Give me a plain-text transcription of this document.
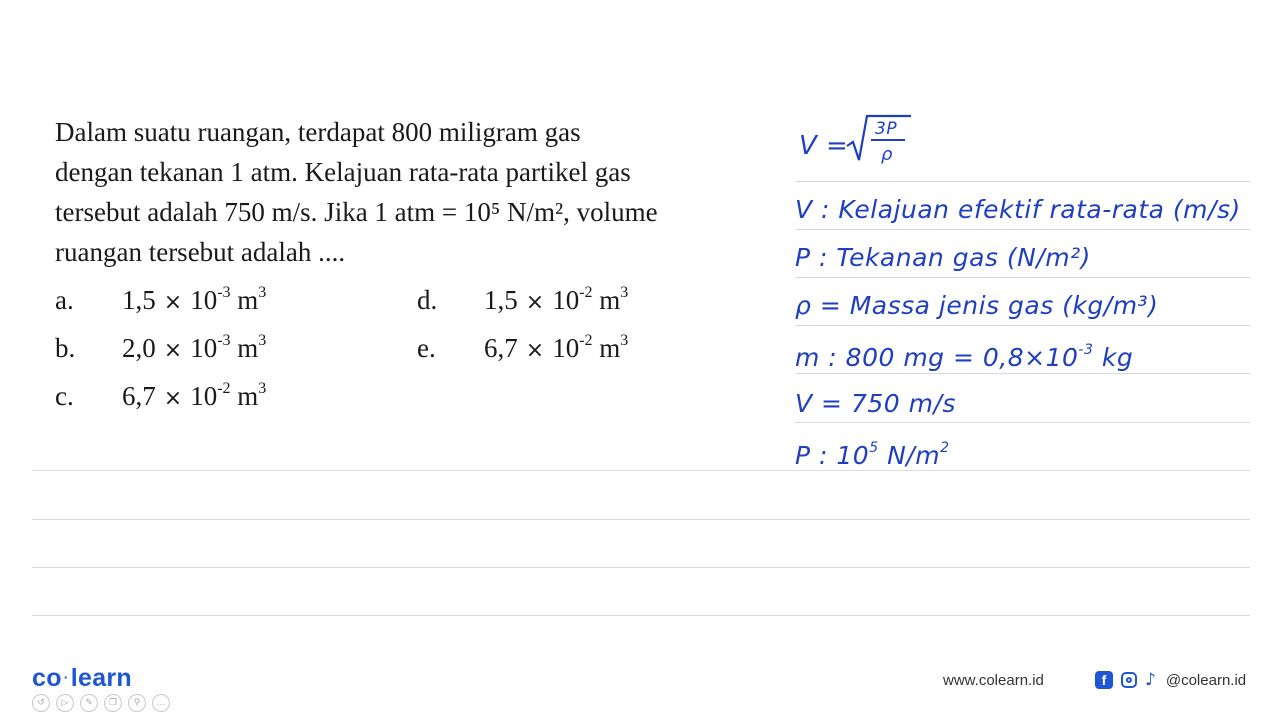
Dalam suatu ruangan, terdapat 800 miligram gas

dengan tekanan 1 atm. Kelajuan rata-rata partikel gas

tersebut adalah 750 m/s. Jika 1 atm = 10⁵ N/m², volume

ruangan tersebut adalah ....

a. $1,5 \times 10^{-3}$ $m^3$
b. $2,0 \times 10^{-3}$ $m^3$
c. $6,7 \times 10^{-2}$ $m^3$
d. $1,5 \times 10^{-2}$ $m^3$
e. $6,7 \times 10^{-2}$ $m^3$
V =
3P
ρ
V : Kelajuan efektif rata-rata (m/s)
P : Tekanan gas (N/m²)
ρ = Massa jenis gas (kg/m³)
m : 800 mg = $0,8\times 10^{-3}$ kg
V = 750 m/s
P : $10^5$ $N/m^2$
co ·learn
↺	▷	✎	❐	⚲	…
www.colearn.id	f	♪ @colearn.id
